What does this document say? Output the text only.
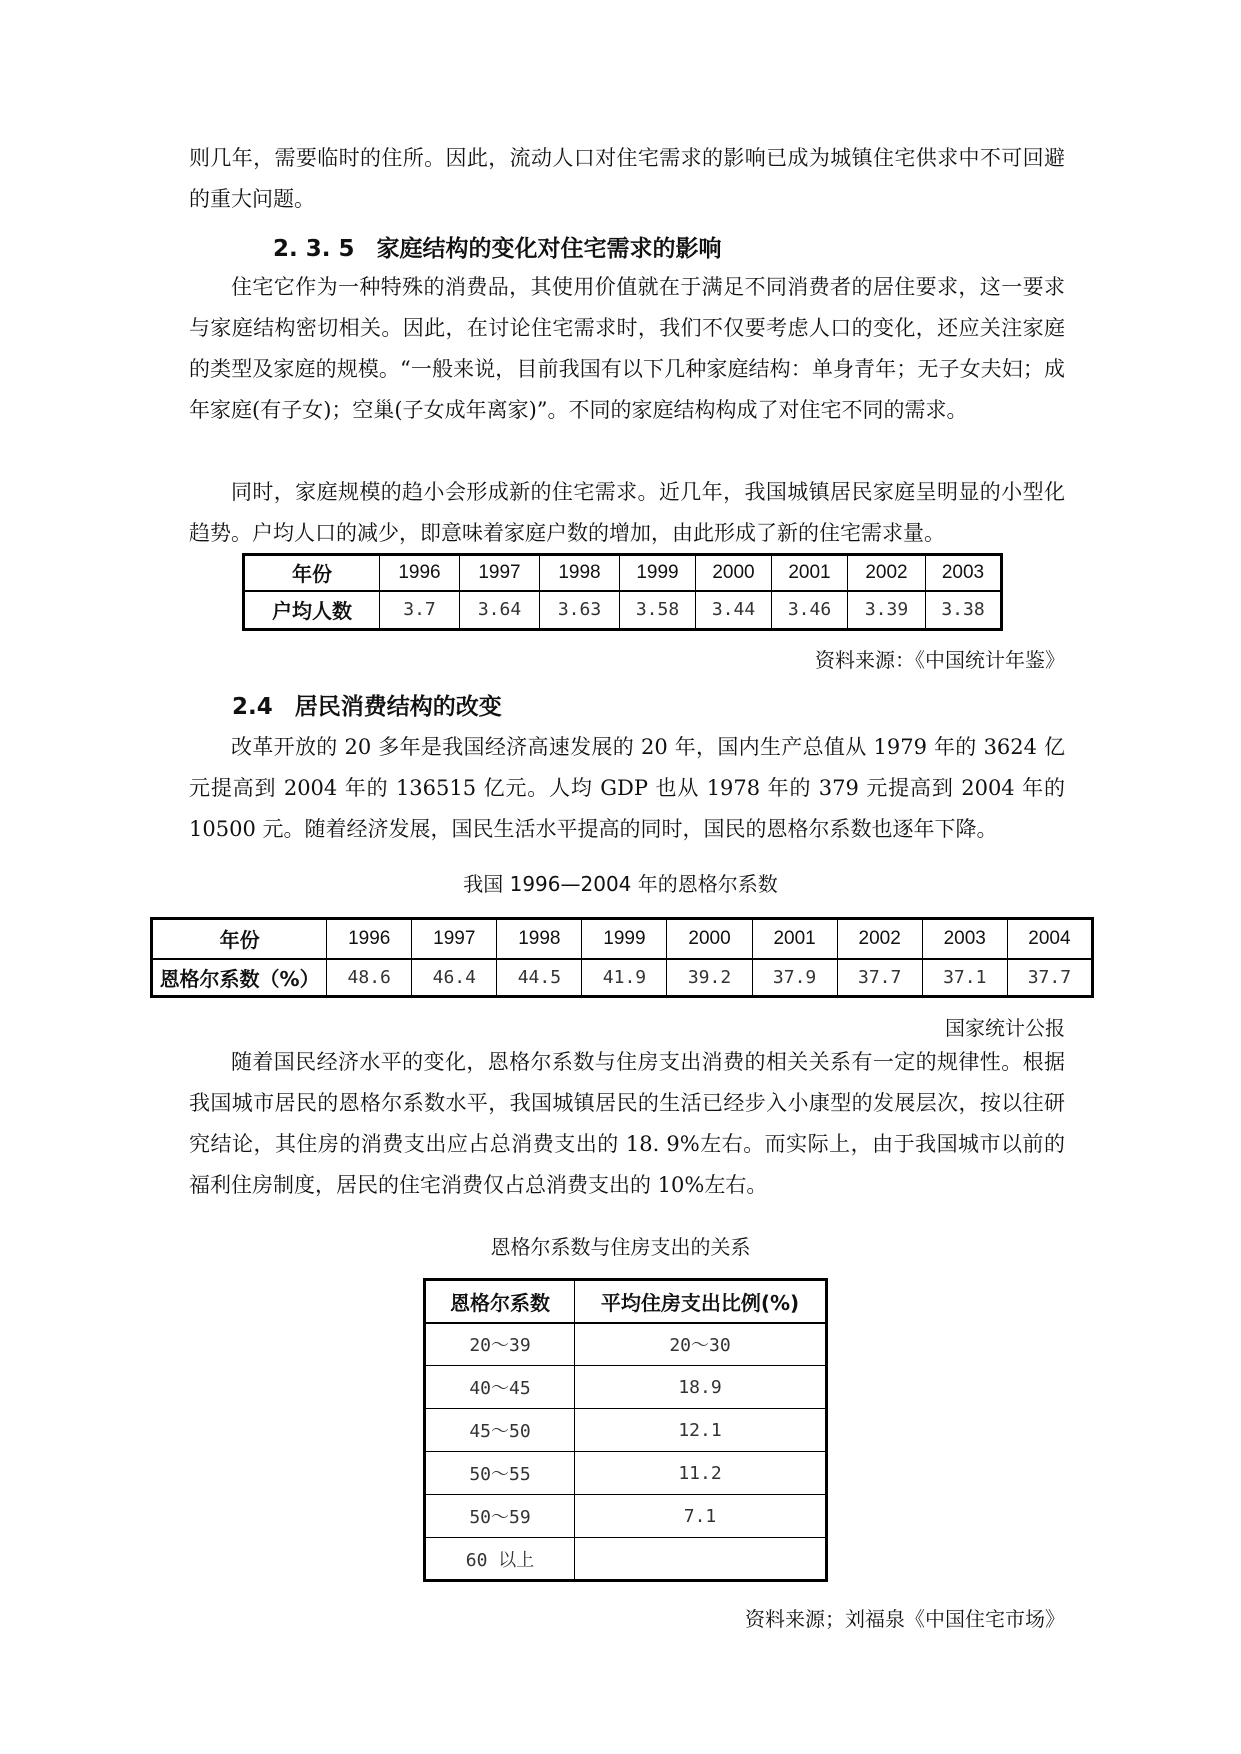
则几年，需要临时的住所。因此，流动人口对住宅需求的影响已成为城镇住宅供求中不可回避的重大问题。

2. 3. 5 家庭结构的变化对住宅需求的影响

住宅它作为一种特殊的消费品，其使用价值就在于满足不同消费者的居住要求，这一要求与家庭结构密切相关。因此，在讨论住宅需求时，我们不仅要考虑人口的变化，还应关注家庭的类型及家庭的规模。“一般来说，目前我国有以下几种家庭结构：单身青年；无子女夫妇；成年家庭(有子女)；空巢(子女成年离家)”。不同的家庭结构构成了对住宅不同的需求。

同时，家庭规模的趋小会形成新的住宅需求。近几年，我国城镇居民家庭呈明显的小型化趋势。户均人口的减少，即意味着家庭户数的增加，由此形成了新的住宅需求量。

年份	1996	1997	1998	1999	2000	2001	2002	2003
户均人数	3.7	3.64	3.63	3.58	3.44	3.46	3.39	3.38

资料来源：《中国统计年鉴》

2.4 居民消费结构的改变

改革开放的 20 多年是我国经济高速发展的 20 年，国内生产总值从 1979 年的 3624 亿元提高到 2004 年的 136515 亿元。人均 GDP 也从 1978 年的 379 元提高到 2004 年的 10500 元。随着经济发展，国民生活水平提高的同时，国民的恩格尔系数也逐年下降。

我国 1996—2004 年的恩格尔系数

年份	1996	1997	1998	1999	2000	2001	2002	2003	2004
恩格尔系数（%）	48.6	46.4	44.5	41.9	39.2	37.9	37.7	37.1	37.7

国家统计公报

随着国民经济水平的变化，恩格尔系数与住房支出消费的相关关系有一定的规律性。根据我国城市居民的恩格尔系数水平，我国城镇居民的生活已经步入小康型的发展层次，按以往研究结论，其住房的消费支出应占总消费支出的 18. 9%左右。而实际上，由于我国城市以前的福利住房制度，居民的住宅消费仅占总消费支出的 10%左右。

恩格尔系数与住房支出的关系

恩格尔系数	平均住房支出比例(%)
20～39	20～30
40～45	18.9
45～50	12.1
50～55	11.2
50～59	7.1
60 以上	

资料来源；刘福泉《中国住宅市场》
